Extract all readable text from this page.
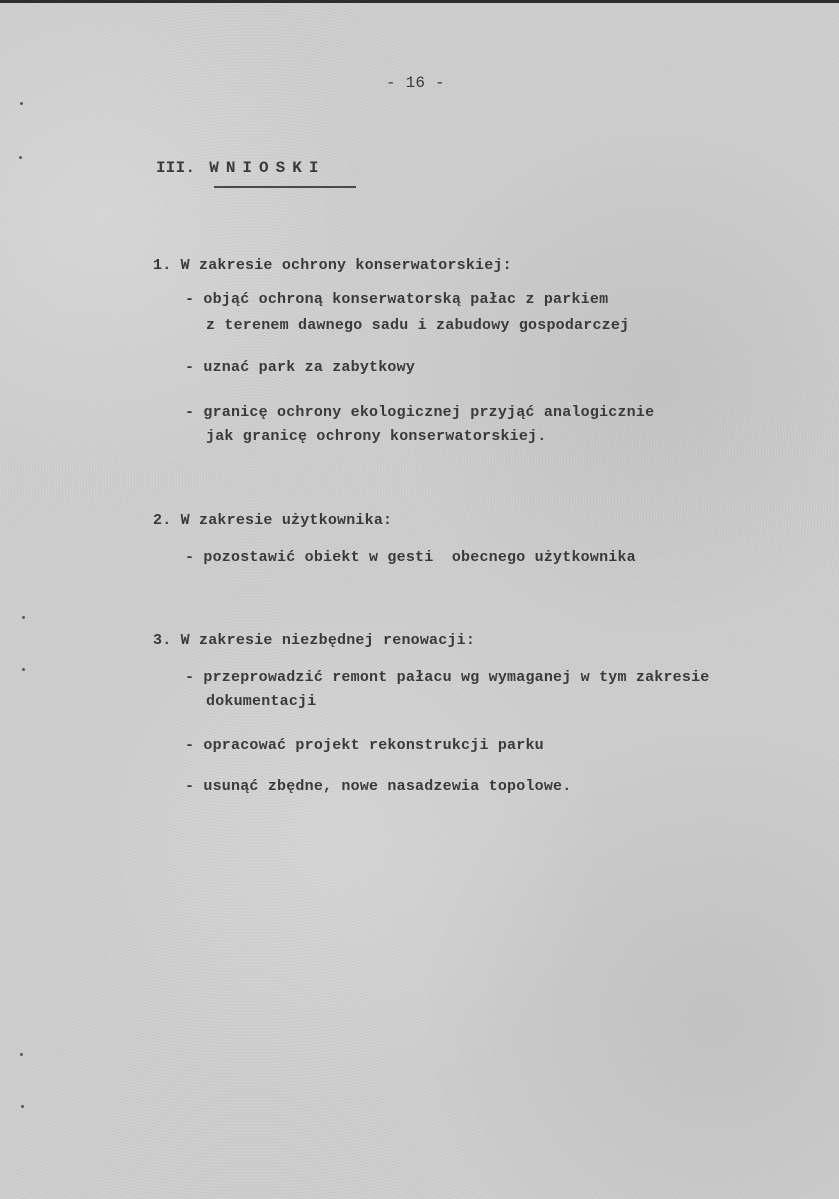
- 16 -
III. WNIOSKI
1. W zakresie ochrony konserwatorskiej:
- objąć ochroną konserwatorską pałac z parkiem
z terenem dawnego sadu i zabudowy gospodarczej
- uznać park za zabytkowy
- granicę ochrony ekologicznej przyjąć analogicznie
jak granicę ochrony konserwatorskiej.
2. W zakresie użytkownika:
- pozostawić obiekt w gesti  obecnego użytkownika
3. W zakresie niezbędnej renowacji:
- przeprowadzić remont pałacu wg wymaganej w tym zakresie
dokumentacji
- opracować projekt rekonstrukcji parku
- usunąć zbędne, nowe nasadzewia topolowe.
